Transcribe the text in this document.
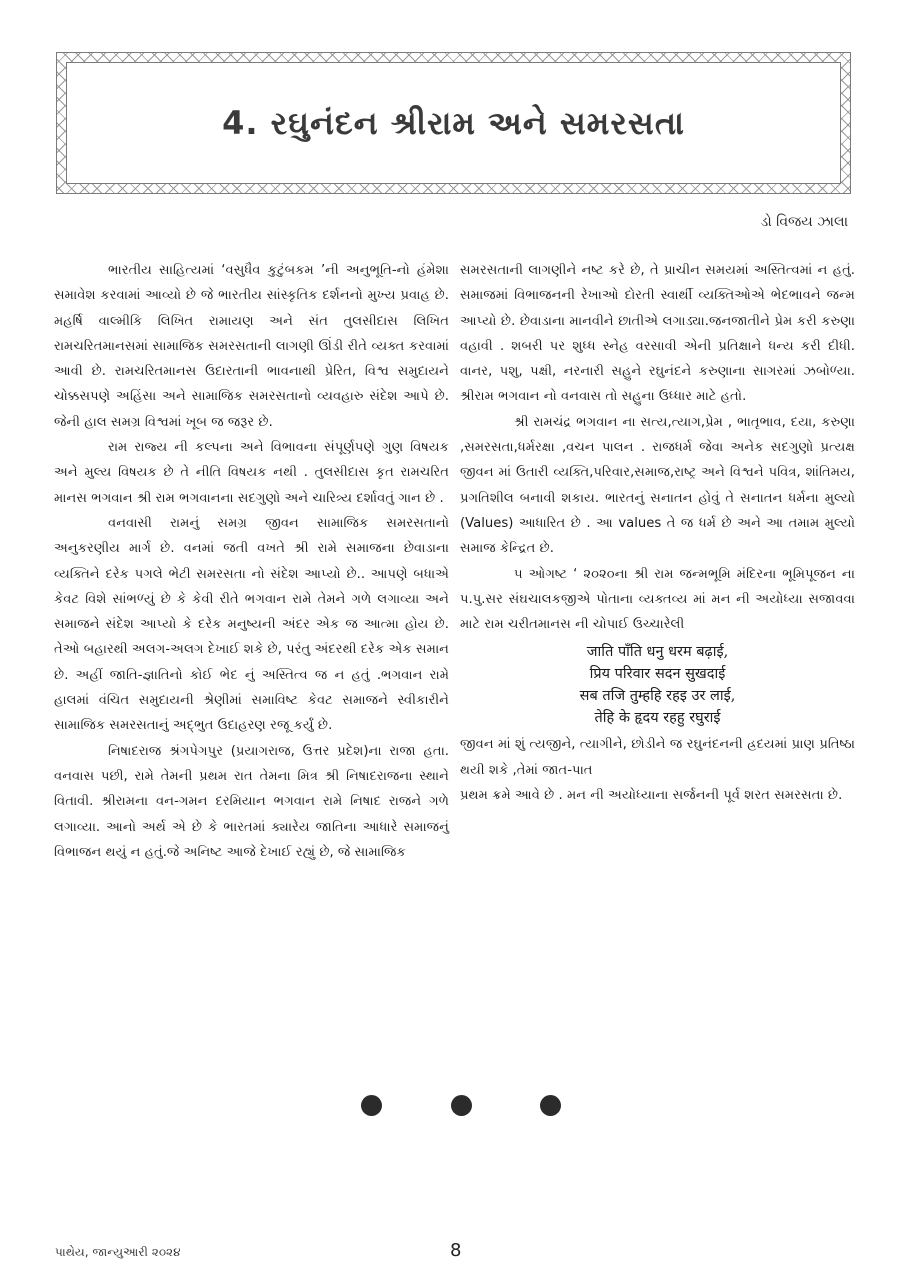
4. રઘુનંદન શ્રીરામ અને સમરસતા
ડો વિજય ઝાલા

ભારતીય સાહિત્યમાં ‘વસુધૈવ કુટુંબકમ ’ની અનુભૂતિ-નો હંમેશા સમાવેશ કરવામાં આવ્યો છે જે ભારતીય સાંસ્કૃતિક દર્શનનો મુખ્ય પ્રવાહ છે. મહર્ષિ વાલ્મીકિ લિખિત રામાયણ અને સંત તુલસીદાસ લિખિત રામચરિતમાનસમાં સામાજિક સમરસતાની લાગણી ઊંડી રીતે વ્યક્ત કરવામાં આવી છે. રામચરિતમાનસ ઉદારતાની ભાવનાથી પ્રેરિત, વિશ્વ સમુદાયને ચોક્કસપણે અહિંસા અને સામાજિક સમરસતાનો વ્યવહારુ સંદેશ આપે છે. જેની હાલ સમગ્ર વિશ્વમાં ખૂબ જ જરૂર છે.

રામ રાજ્ય ની કલ્પના અને વિભાવના સંપૂર્ણપણે ગુણ વિષયક અને મુલ્ય વિષયક છે તે નીતિ વિષયક નથી . તુલસીદાસ કૃત રામચરિત માનસ ભગવાન શ્રી રામ ભગવાનના સદગુણો અને ચારિત્ર્ય દર્શાવતું ગાન છે .

વનવાસી રામનું સમગ્ર જીવન સામાજિક સમરસતાનો અનુકરણીય માર્ગ છે. વનમાં જતી વખતે શ્રી રામે સમાજના છેવાડાના વ્યક્તિને દરેક પગલે ભેટી સમરસતા નો સંદેશ આપ્યો છે.. આપણે બધાએ કેવટ વિશે સાંભળ્યું છે કે કેવી રીતે ભગવાન રામે તેમને ગળે લગાવ્યા અને સમાજને સંદેશ આપ્યો કે દરેક મનુષ્યની અંદર એક જ આત્મા હોય છે. તેઓ બહારથી અલગ-અલગ દેખાઈ શકે છે, પરંતુ અંદરથી દરેક એક સમાન છે. અહીં જાતિ-જ્ઞાતિનો કોઈ ભેદ નું અસ્તિત્વ જ ન હતું .ભગવાન રામે હાલમાં વંચિત સમુદાયની શ્રેણીમાં સમાવિષ્ટ કેવટ સમાજને સ્વીકારીને સામાજિક સમરસતાનું અદ્ભુત ઉદાહરણ રજૂ કર્યું છે.

નિષાદરાજ શ્રંગપેગપુર (પ્રયાગરાજ, ઉત્તર પ્રદેશ)ના રાજા હતા. વનવાસ પછી, રામે તેમની પ્રથમ રાત તેમના મિત્ર શ્રી નિષાદરાજના સ્થાને વિતાવી. શ્રીરામના વન-ગમન દરમિયાન ભગવાન રામે નિષાદ રાજને ગળે લગાવ્યા. આનો અર્થ એ છે કે ભારતમાં ક્યારેય જાતિના આધારે સમાજનું વિભાજન થયું ન હતું.જે અનિષ્ટ આજે દેખાઈ રહ્યું છે, જે સામાજિક

સમરસતાની લાગણીને નષ્ટ કરે છે, તે પ્રાચીન સમયમાં અસ્તિત્વમાં ન હતું. સમાજમાં વિભાજનની રેખાઓ દોરતી સ્વાર્થી વ્યક્તિઓએ ભેદભાવને જન્મ આપ્યો છે. છેવાડાના માનવીને છાતીએ લગાડ્યા.જનજાતીને પ્રેમ કરી કરુણા વહાવી . શબરી પર શુધ્ધ સ્નેહ વરસાવી એની પ્રતિક્ષાને ધન્ય કરી દીધી. વાનર, પશુ, પક્ષી, નરનારી સહુને રઘુનંદને કરુણાના સાગરમાં ઝબોળ્યા. શ્રીરામ ભગવાન નો વનવાસ તો સહુના ઉધ્ધાર માટે હતો.

શ્રી રામચંદ્ર ભગવાન ના સત્ય,ત્યાગ,પ્રેમ , ભાતૃભાવ, દયા, કરુણા ,સમરસતા,ધર્મરક્ષા ,વચન પાલન . રાજધર્મ જેવા અનેક સદગુણો પ્રત્યક્ષ જીવન માં ઉતારી વ્યક્તિ,પરિવાર,સમાજ,રાષ્ટ્ર અને વિશ્વને પવિત્ર, શાંતિમય, પ્રગતિશીલ બનાવી શકાય. ભારતનું સનાતન હોવું તે સનાતન ધર્મના મુલ્યો (Values) આધારિત છે . આ values તે જ ધર્મ છે અને આ તમામ મુલ્યો સમાજ કેન્દ્રિત છે.

૫ ઓગષ્ટ ‘ ૨૦૨૦ના શ્રી રામ જન્મભૂમિ મંદિરના ભૂમિપૂજન ના પ.પુ.સર સંઘચાલકજીએ પોતાના વ્યક્તવ્ય માં મન ની અયોધ્યા સજાવવા માટે રામ ચરીતમાનસ ની ચોપાઈ ઉચ્ચારેલી

जाति पाँति धनु धरम बढ़ाई,
प्रिय परिवार सदन सुखदाई
सब तजि तुम्हहि रहइ उर लाई,
तेहि के हृदय रहहु रघुराई

જીવન માં શું ત્યજીને, ત્યાગીને, છોડીને જ રઘુનંદનની હ્રદયમાં પ્રાણ પ્રતિષ્ઠા થયી શકે ,તેમાં જાત-પાત

પ્રથમ ક્રમે આવે છે . મન ની અયોધ્યાના સર્જનની પૂર્વ શરત સમરસતા છે.

પાથેય, જાન્યુઆરી ૨૦૨૪	8
